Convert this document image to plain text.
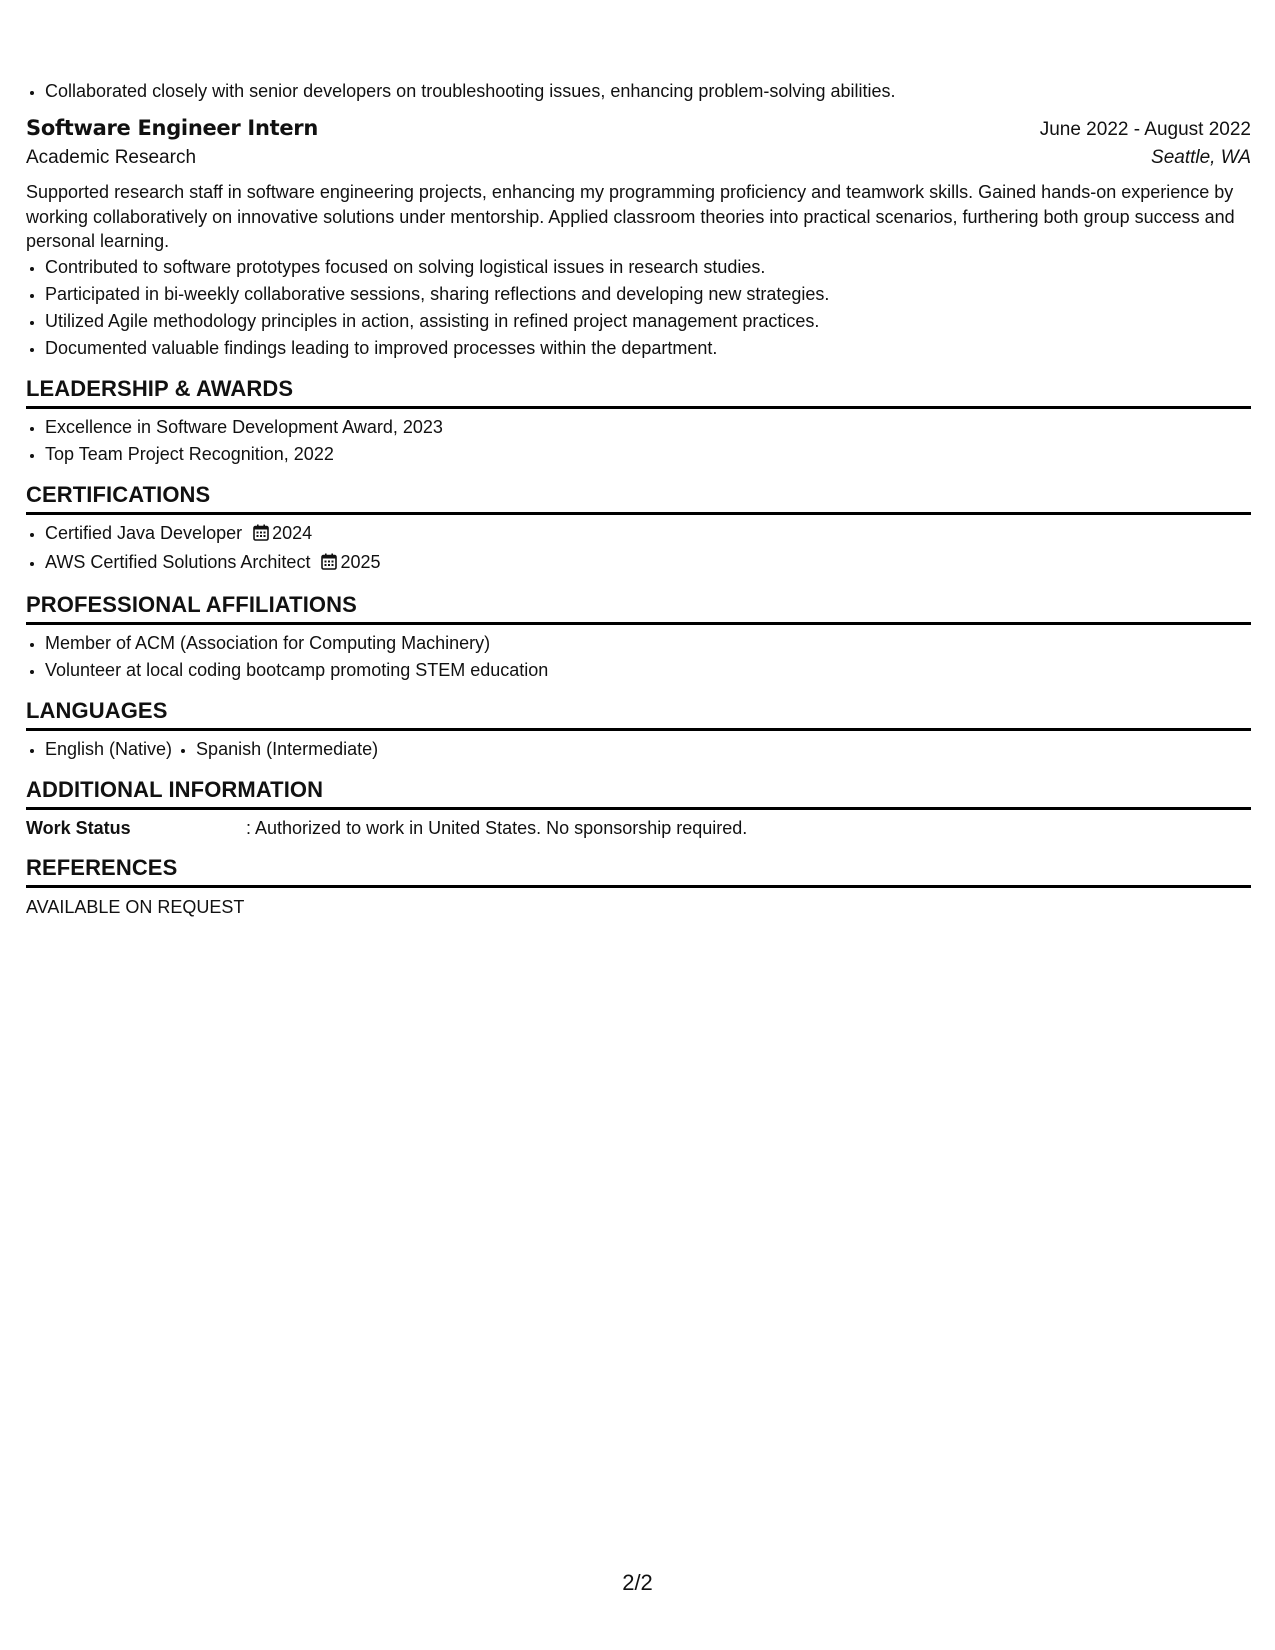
• Collaborated closely with senior developers on troubleshooting issues, enhancing problem-solving abilities.
Software Engineer Intern	June 2022 - August 2022
Academic Research	Seattle, WA

Supported research staff in software engineering projects, enhancing my programming proficiency and teamwork skills. Gained hands-on experience by working collaboratively on innovative solutions under mentorship. Applied classroom theories into practical scenarios, furthering both group success and personal learning.

• Contributed to software prototypes focused on solving logistical issues in research studies.
• Participated in bi-weekly collaborative sessions, sharing reflections and developing new strategies.
• Utilized Agile methodology principles in action, assisting in refined project management practices.
• Documented valuable findings leading to improved processes within the department.
LEADERSHIP & AWARDS
• Excellence in Software Development Award, 2023
• Top Team Project Recognition, 2022
CERTIFICATIONS
• Certified Java Developer 2024
• AWS Certified Solutions Architect 2025
PROFESSIONAL AFFILIATIONS
• Member of ACM (Association for Computing Machinery)
• Volunteer at local coding bootcamp promoting STEM education
LANGUAGES
• English (Native)
• Spanish (Intermediate)
ADDITIONAL INFORMATION
Work Status	: Authorized to work in United States. No sponsorship required.
REFERENCES
AVAILABLE ON REQUEST
2/2
